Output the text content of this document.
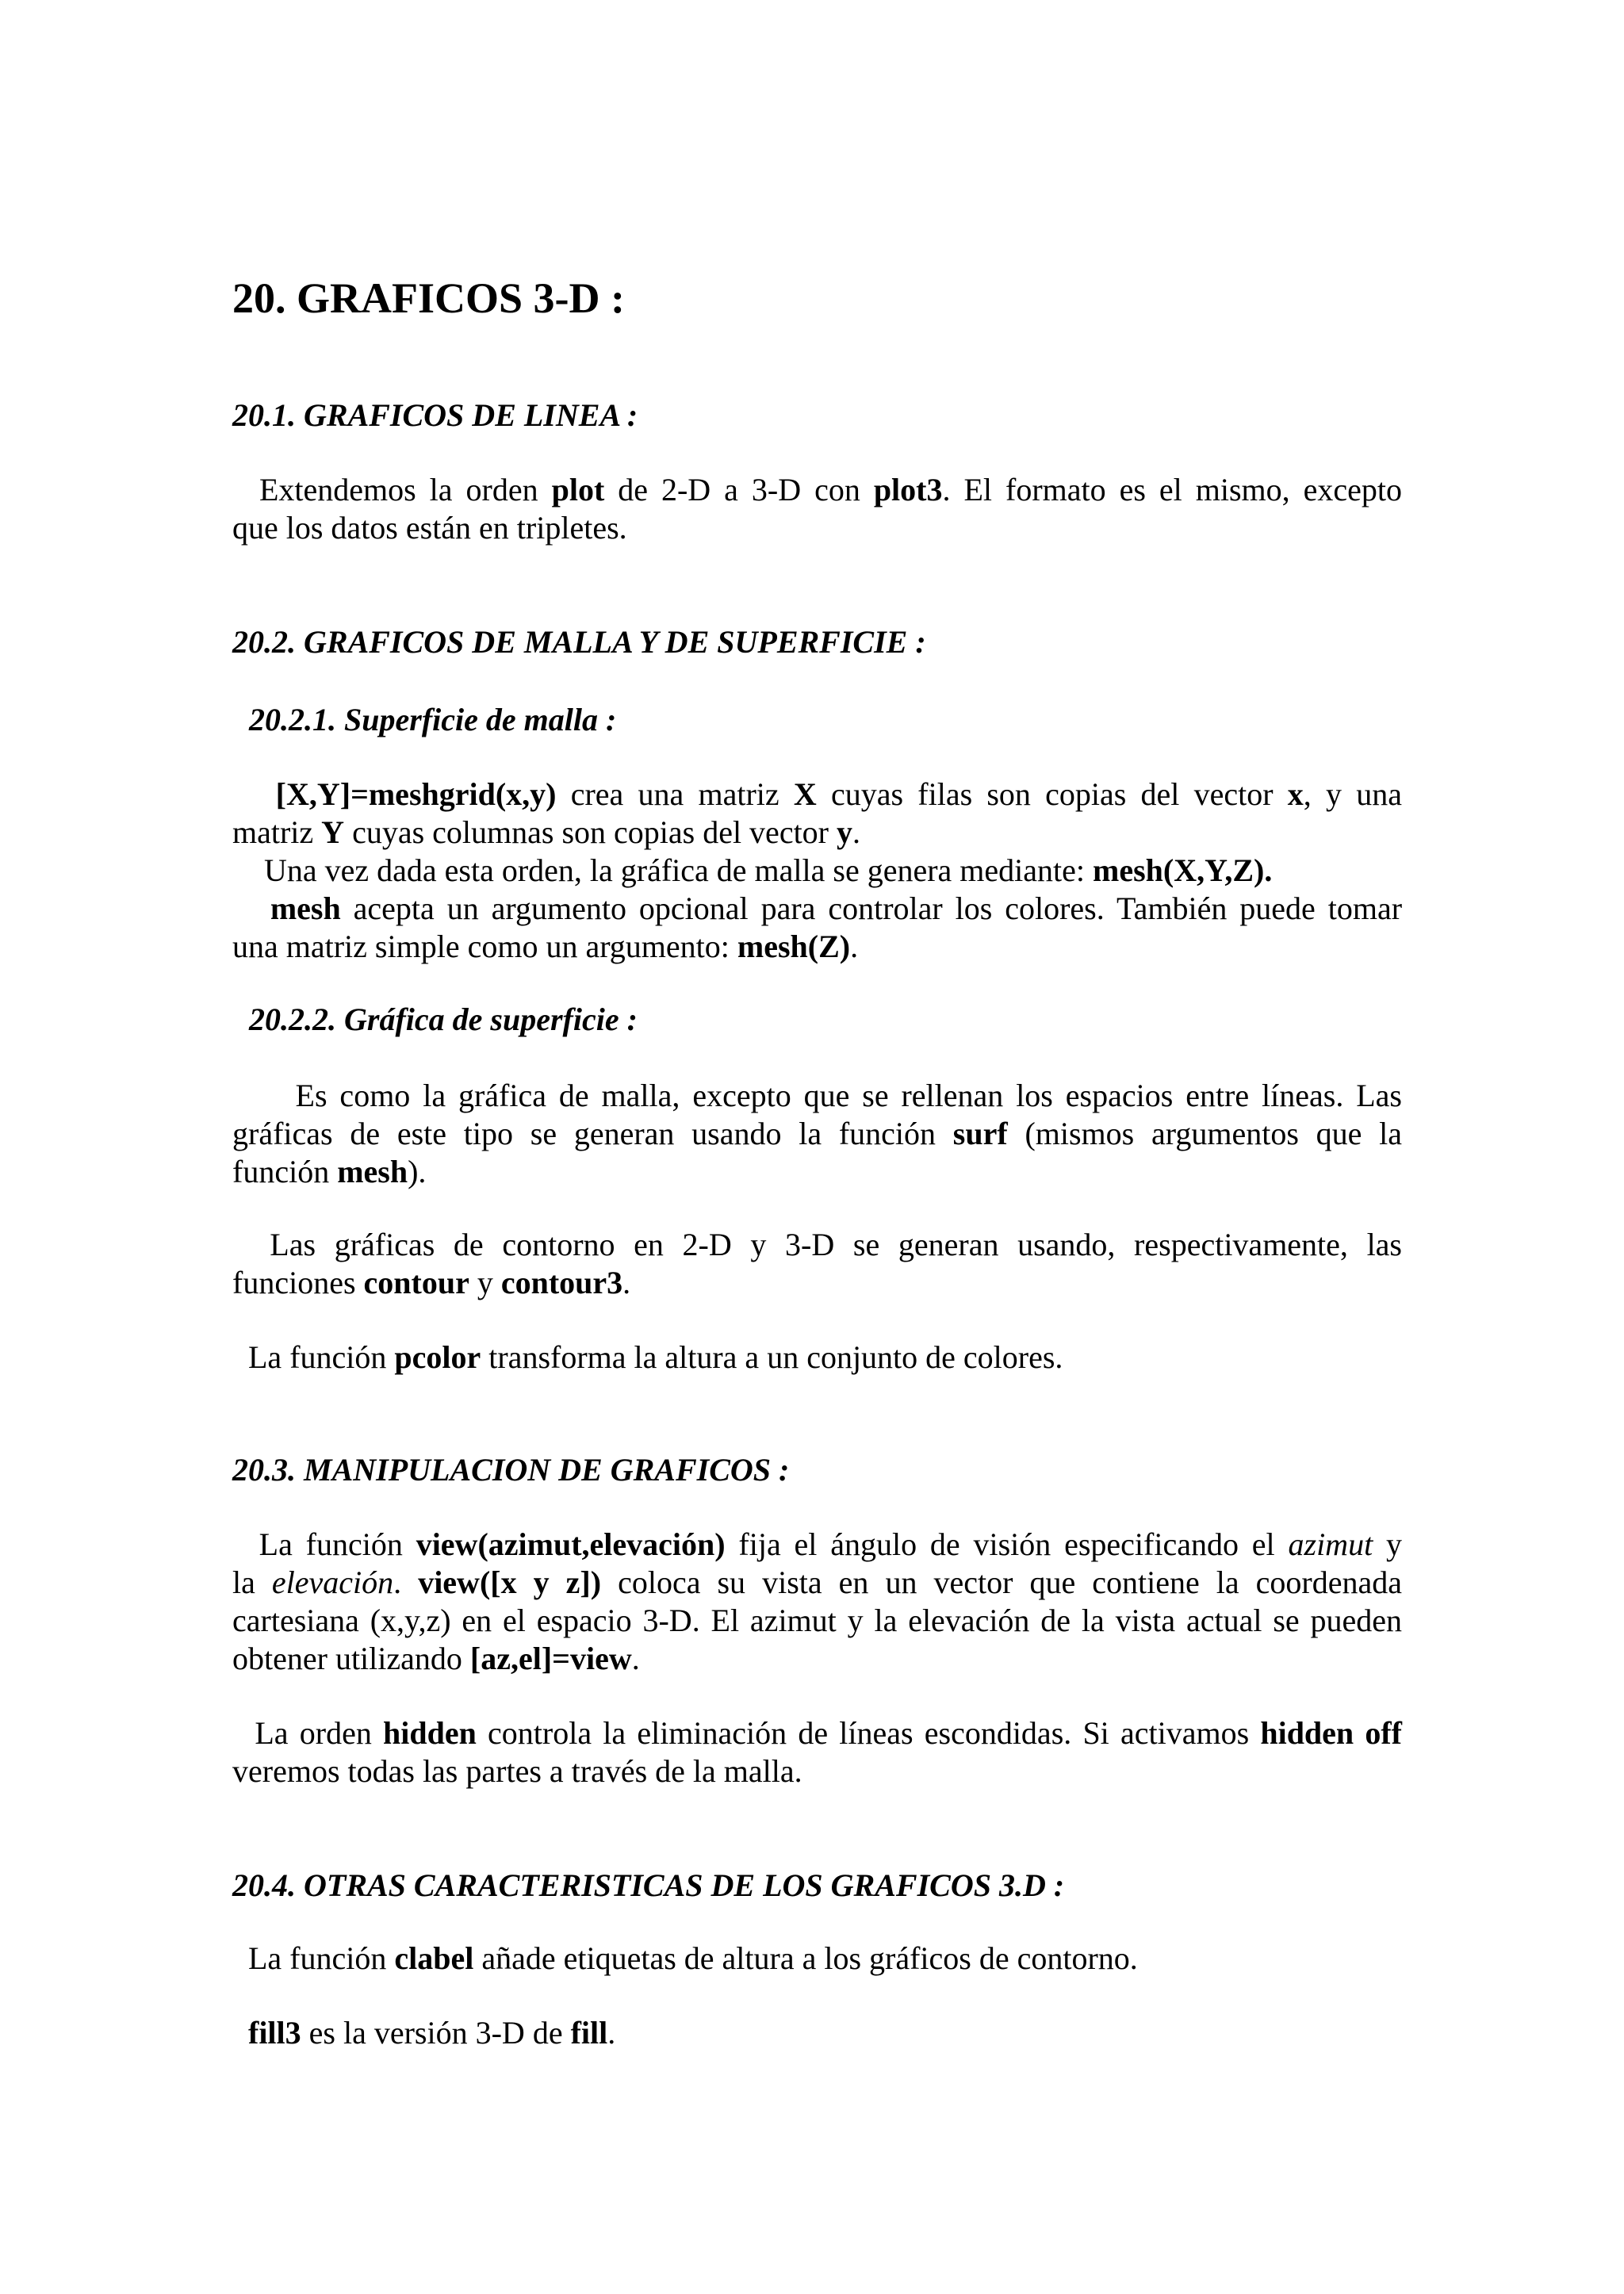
20. GRAFICOS 3-D :
20.1. GRAFICOS DE LINEA :
Extendemos la orden plot de 2-D a 3-D con plot3. El formato es el mismo, excepto
que los datos están en tripletes.
20.2. GRAFICOS DE MALLA Y DE SUPERFICIE :
20.2.1. Superficie de malla :
[X,Y]=meshgrid(x,y) crea una matriz X cuyas filas son copias del vector x, y una
matriz Y cuyas columnas son copias del vector y.
Una vez dada esta orden, la gráfica de malla se genera mediante: mesh(X,Y,Z).
mesh acepta un argumento opcional para controlar los colores. También puede tomar
una matriz simple como un argumento: mesh(Z).
20.2.2. Gráfica de superficie :
Es como la gráfica de malla, excepto que se rellenan los espacios entre líneas. Las
gráficas de este tipo se generan usando la función surf (mismos argumentos que la
función mesh).
Las gráficas de contorno en 2-D y 3-D se generan usando, respectivamente, las
funciones contour y contour3.
La función pcolor transforma la altura a un conjunto de colores.
20.3. MANIPULACION DE GRAFICOS :
La función view(azimut,elevación) fija el ángulo de visión especificando el azimut y
la elevación. view([x y z]) coloca su vista en un vector que contiene la coordenada
cartesiana (x,y,z) en el espacio 3-D. El azimut y la elevación de la vista actual se pueden
obtener utilizando [az,el]=view.
La orden hidden controla la eliminación de líneas escondidas. Si activamos hidden off
veremos todas las partes a través de la malla.
20.4. OTRAS CARACTERISTICAS DE LOS GRAFICOS 3.D :
La función clabel añade etiquetas de altura a los gráficos de contorno.
fill3 es la versión 3-D de fill.
